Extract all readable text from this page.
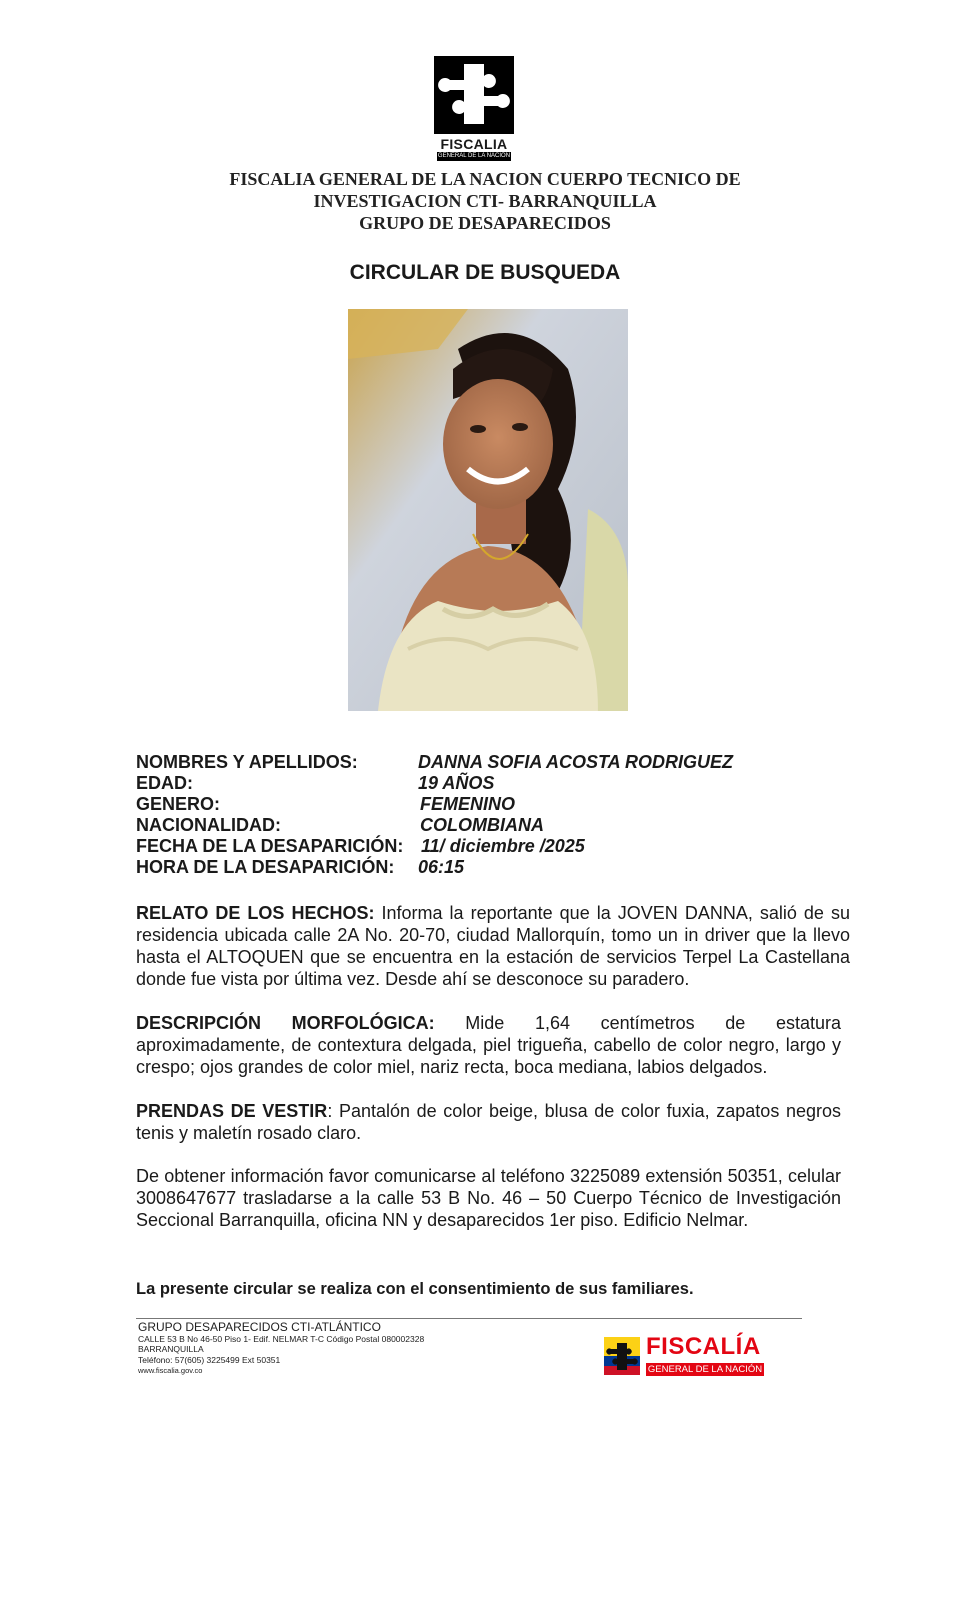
FISCALIA
GENERAL DE LA NACIÓN
FISCALIA GENERAL DE LA NACION CUERPO TECNICO DE
INVESTIGACION CTI- BARRANQUILLA
GRUPO DE DESAPARECIDOS
CIRCULAR DE BUSQUEDA
NOMBRES Y APELLIDOS:	DANNA SOFIA ACOSTA RODRIGUEZ
EDAD:	19 AÑOS
GENERO:	FEMENINO
NACIONALIDAD:	COLOMBIANA
FECHA DE LA DESAPARICIÓN: 11/ diciembre /2025
HORA DE LA DESAPARICIÓN: 06:15
RELATO DE LOS HECHOS: Informa la reportante que la JOVEN DANNA, salió de su residencia ubicada calle 2A No. 20-70, ciudad Mallorquín, tomo un in driver que la llevo hasta el ALTOQUEN que se encuentra en la estación de servicios Terpel La Castellana donde fue vista por última vez. Desde ahí se desconoce su paradero.
DESCRIPCIÓN MORFOLÓGICA: Mide 1,64 centímetros de estatura aproximadamente, de contextura delgada, piel trigueña, cabello de color negro, largo y crespo; ojos grandes de color miel, nariz recta, boca mediana, labios delgados.
PRENDAS DE VESTIR: Pantalón de color beige, blusa de color fuxia, zapatos negros tenis y maletín rosado claro.
De obtener información favor comunicarse al teléfono 3225089 extensión 50351, celular 3008647677 trasladarse a la calle 53 B No. 46 – 50 Cuerpo Técnico de Investigación Seccional Barranquilla, oficina NN y desaparecidos 1er piso. Edificio Nelmar.
La presente circular se realiza con el consentimiento de sus familiares.
GRUPO DESAPARECIDOS CTI-ATLÁNTICO
CALLE 53 B No 46-50 Piso 1- Edif. NELMAR T-C Código Postal 080002328
BARRANQUILLA
Teléfono: 57(605) 3225499 Ext 50351
www.fiscalia.gov.co
FISCALÍA
GENERAL DE LA NACIÓN
